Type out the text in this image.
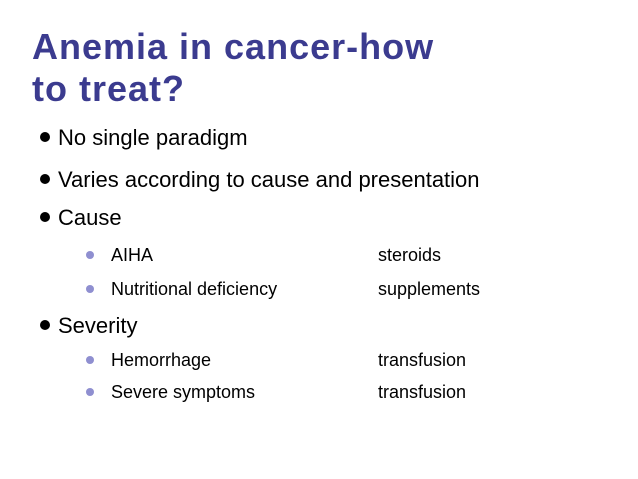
Anemia in cancer-how
to treat?
No single paradigm
Varies according to cause and presentation
Cause
AIHA	steroids
Nutritional deficiency	supplements
Severity
Hemorrhage	transfusion
Severe symptoms	transfusion
